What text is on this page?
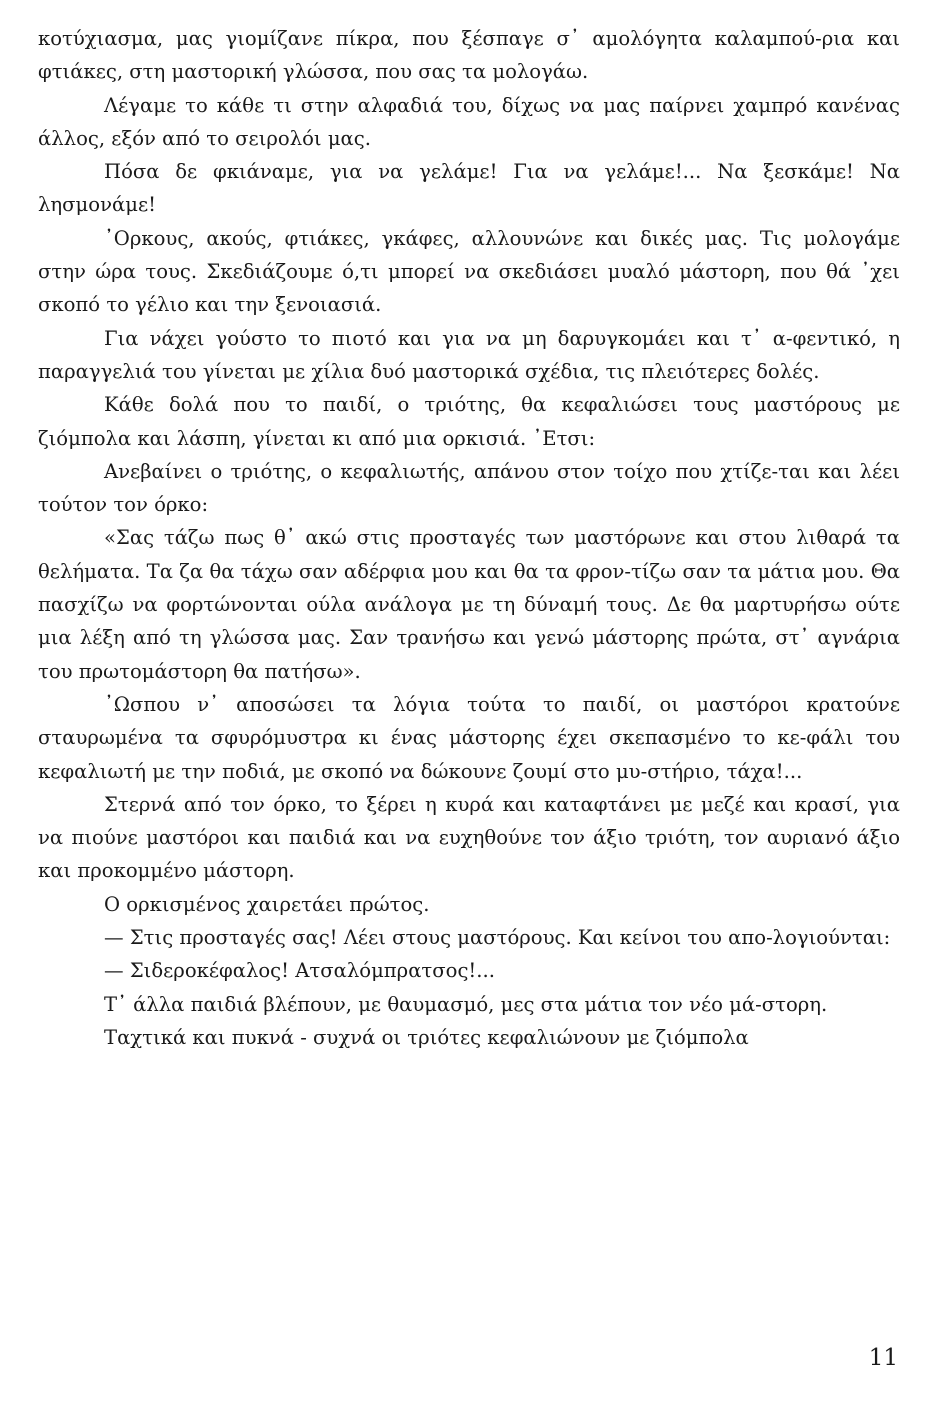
κοτύχιασμα, μας γιομίζανε πίκρα, που ξέσπαγε σ᾿ αμολόγητα καλαμπού-ρια και φτιάκες, στη μαστορική γλώσσα, που σας τα μολογάω.

Λέγαμε το κάθε τι στην αλφαδιά του, δίχως να μας παίρνει χαμπρό κανένας άλλος, εξόν από το σειρολόι μας.

Πόσα δε φκιάναμε, για να γελάμε! Για να γελάμε!... Να ξεσκάμε! Να λησμονάμε!

᾿Ορκους, ακούς, φτιάκες, γκάφες, αλλουνώνε και δικές μας. Τις μολογάμε στην ώρα τους. Σκεδιάζουμε ό,τι μπορεί να σκεδιάσει μυαλό μάστορη, που θά ᾿χει σκοπό το γέλιο και την ξενοιασιά.

Για νάχει γούστο το πιοτό και για να μη δαρυγκομάει και τ᾿ α-φεντικό, η παραγγελιά του γίνεται με χίλια δυό μαστορικά σχέδια, τις πλειότερες δολές.

Κάθε δολά που το παιδί, ο τριότης, θα κεφαλιώσει τους μαστόρους με ζιόμπολα και λάσπη, γίνεται κι από μια ορκισιά. ᾿Ετσι:

Ανεβαίνει ο τριότης, ο κεφαλιωτής, απάνου στον τοίχο που χτίζε-ται και λέει τούτον τον όρκο:

«Σας τάζω πως θ᾿ ακώ στις προσταγές των μαστόρωνε και στου λιθαρά τα θελήματα. Τα ζα θα τάχω σαν αδέρφια μου και θα τα φρον-τίζω σαν τα μάτια μου. Θα πασχίζω να φορτώνονται ούλα ανάλογα με τη δύναμή τους. Δε θα μαρτυρήσω ούτε μια λέξη από τη γλώσσα μας. Σαν τρανήσω και γενώ μάστορης πρώτα, στ᾿ αγνάρια του πρωτομάστορη θα πατήσω».

᾿Ωσπου ν᾿ αποσώσει τα λόγια τούτα το παιδί, οι μαστόροι κρατούνε σταυρωμένα τα σφυρόμυστρα κι ένας μάστορης έχει σκεπασμένο το κε-φάλι του κεφαλιωτή με την ποδιά, με σκοπό να δώκουνε ζουμί στο μυ-στήριο, τάχα!...

Στερνά από τον όρκο, το ξέρει η κυρά και καταφτάνει με μεζέ και κρασί, για να πιούνε μαστόροι και παιδιά και να ευχηθούνε τον άξιο τριότη, τον αυριανό άξιο και προκομμένο μάστορη.

Ο ορκισμένος χαιρετάει πρώτος.

— Στις προσταγές σας! Λέει στους μαστόρους. Και κείνοι του απο-λογιούνται:

— Σιδεροκέφαλος! Ατσαλόμπρατσος!...

Τ᾿ άλλα παιδιά βλέπουν, με θαυμασμό, μες στα μάτια τον νέο μά-στορη.

Ταχτικά και πυκνά - συχνά οι τριότες κεφαλιώνουν με ζιόμπολα

11
